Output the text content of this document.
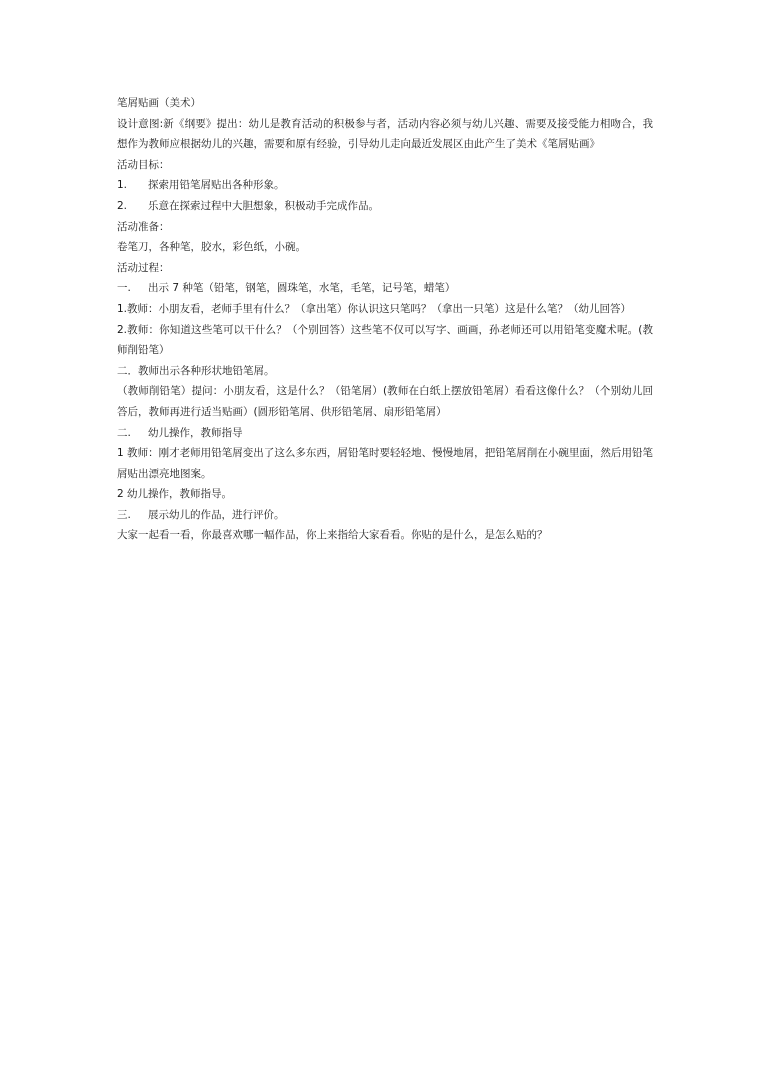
笔屑贴画（美术）

设计意图:新《纲要》提出：幼儿是教育活动的积极参与者，活动内容必须与幼儿兴趣、需要及接受能力相吻合，我想作为教师应根据幼儿的兴趣，需要和原有经验，引导幼儿走向最近发展区由此产生了美术《笔屑贴画》

活动目标：

1. 探索用铅笔屑贴出各种形象。

2. 乐意在探索过程中大胆想象，积极动手完成作品。

活动准备：

卷笔刀，各种笔，胶水，彩色纸，小碗。

活动过程：

一. 出示 7 种笔（铅笔，钢笔，圆珠笔，水笔，毛笔，记号笔，蜡笔）

1.教师：小朋友看，老师手里有什么？（拿出笔）你认识这只笔吗？（拿出一只笔）这是什么笔？（幼儿回答）

2.教师：你知道这些笔可以干什么？（个别回答）这些笔不仅可以写字、画画，孙老师还可以用铅笔变魔术呢。(教师削铅笔）

二．教师出示各种形状地铅笔屑。

（教师削铅笔）提问：小朋友看，这是什么？（铅笔屑）(教师在白纸上摆放铅笔屑）看看这像什么？（个别幼儿回答后，教师再进行适当贴画）(圆形铅笔屑、供形铅笔屑、扇形铅笔屑）

二. 幼儿操作，教师指导

1 教师：刚才老师用铅笔屑变出了这么多东西，屑铅笔时要轻轻地、慢慢地屑，把铅笔屑削在小碗里面，然后用铅笔屑贴出漂亮地图案。

2 幼儿操作，教师指导。

三. 展示幼儿的作品，进行评价。

大家一起看一看，你最喜欢哪一幅作品，你上来指给大家看看。你贴的是什么，是怎么贴的？
